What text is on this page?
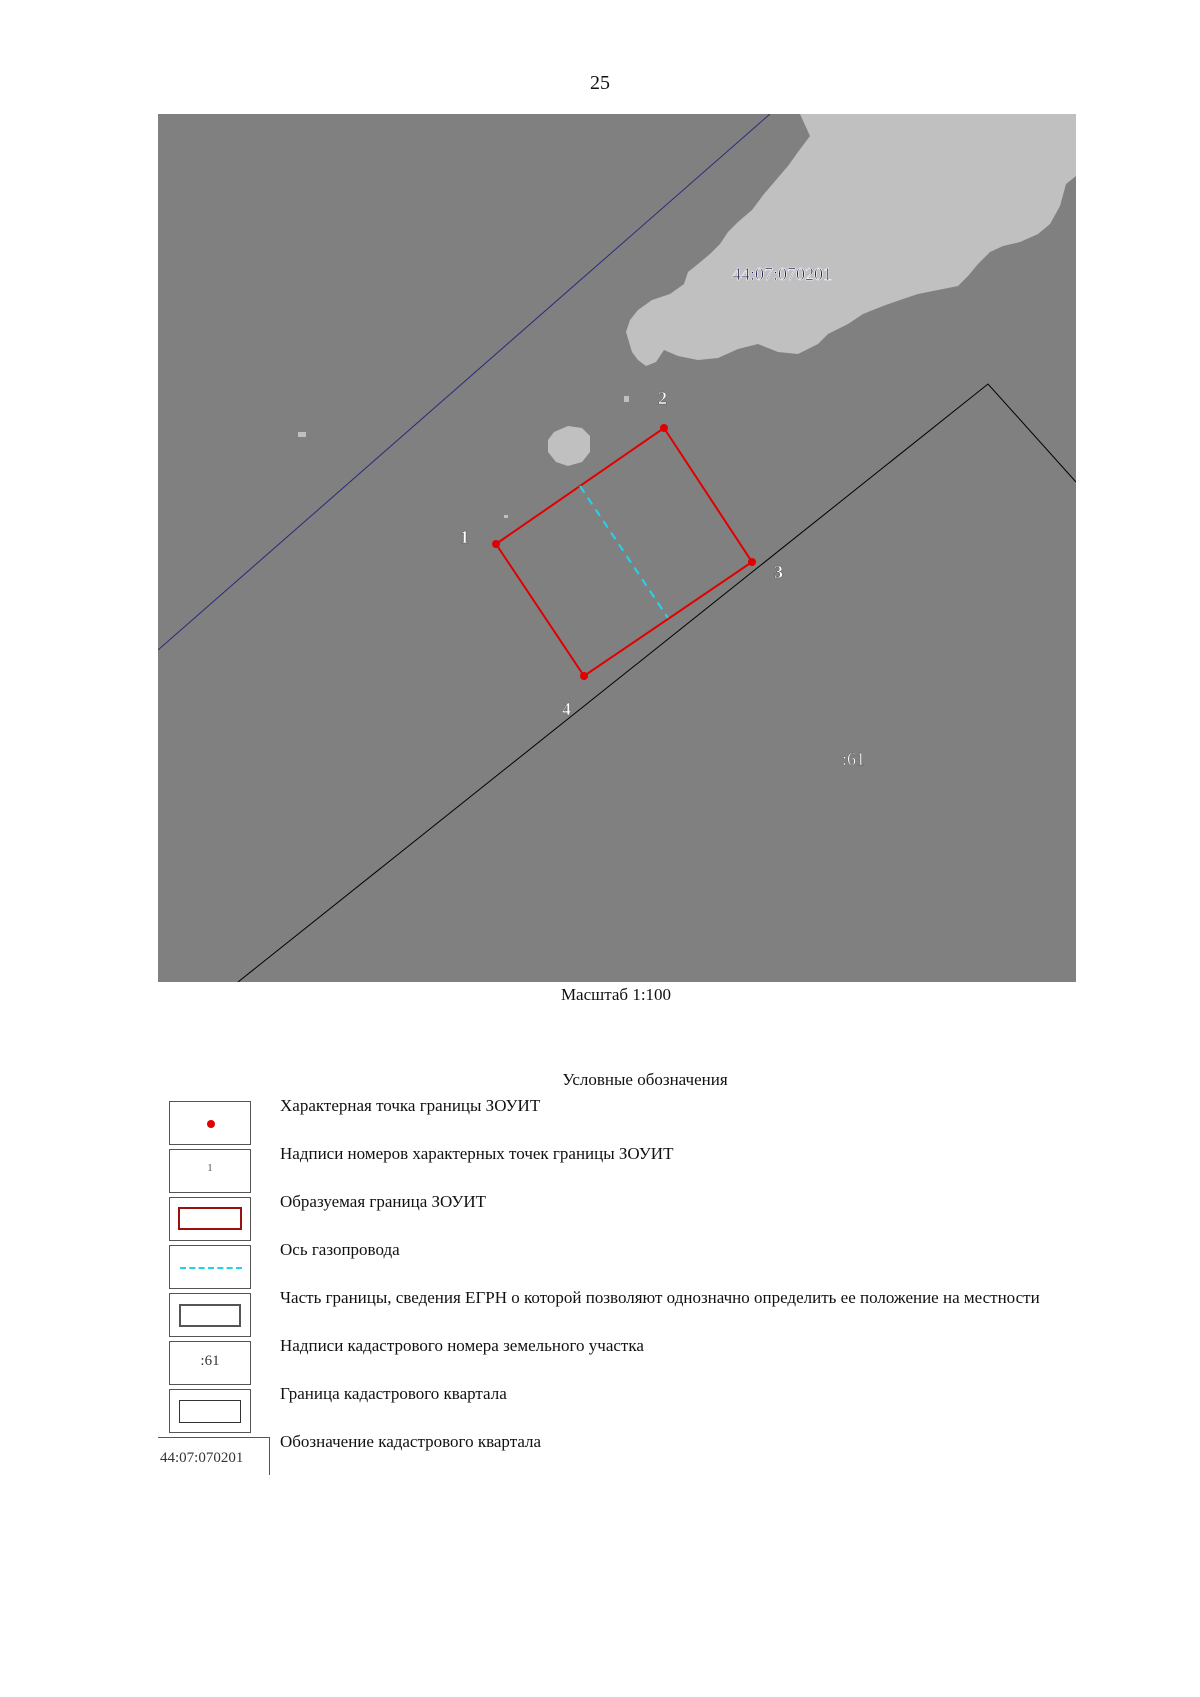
25
44:07:070201
:61
1
2
3
4
Масштаб 1:100
Условные обозначения
Характерная точка границы ЗОУИТ
1
Надписи номеров характерных точек границы ЗОУИТ
Образуемая граница ЗОУИТ
Ось газопровода
Часть границы, сведения ЕГРН о которой позволяют однозначно определить ее положение на местности
:61
Надписи кадастрового номера земельного участка
Граница кадастрового квартала
44:07:070201
Обозначение кадастрового квартала
